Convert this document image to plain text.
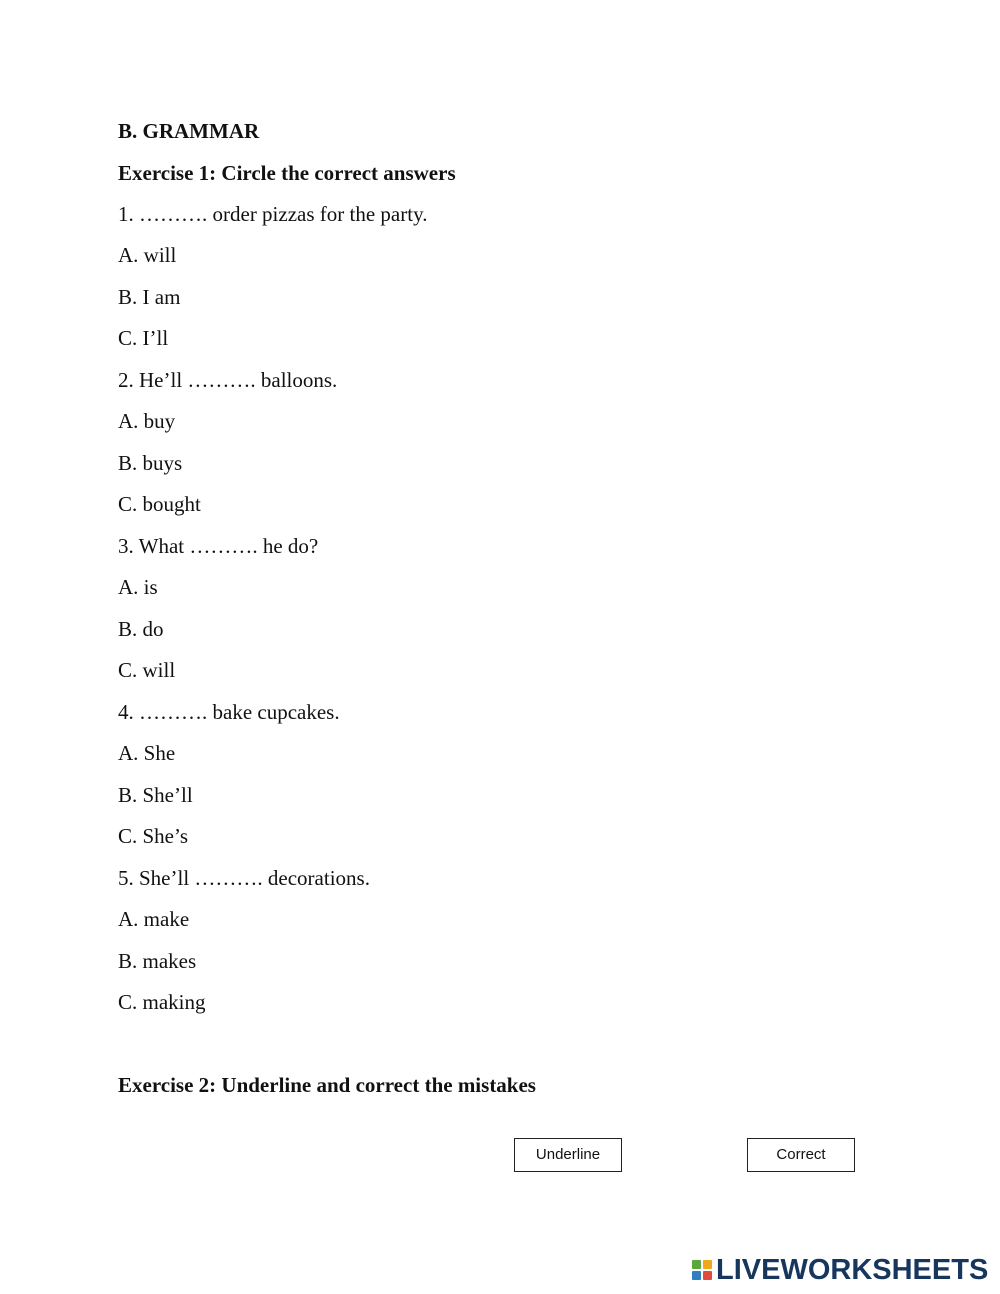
B. GRAMMAR
Exercise 1: Circle the correct answers
1. ………. order pizzas for the party.
A. will
B. I am
C. I’ll
2. He’ll ………. balloons.
A. buy
B. buys
C. bought
3. What ………. he do?
A. is
B. do
C. will
4. ………. bake cupcakes.
A. She
B. She’ll
C. She’s
5. She’ll ………. decorations.
A. make
B. makes
C. making
Exercise 2: Underline and correct the mistakes
Underline	Correct
LIVEWORKSHEETS
